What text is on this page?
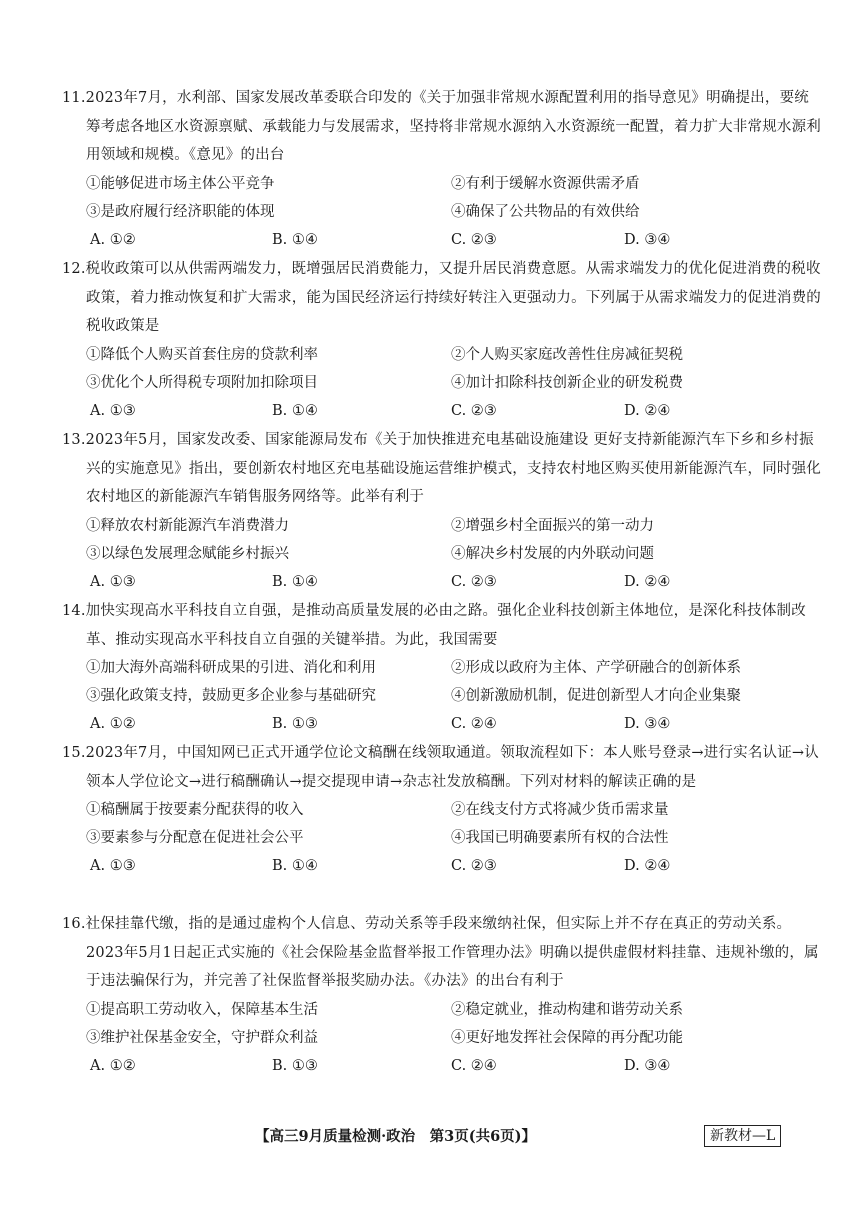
11.2023年7月，水利部、国家发展改革委联合印发的《关于加强非常规水源配置利用的指导意见》明确提出，要统筹考虑各地区水资源禀赋、承载能力与发展需求，坚持将非常规水源纳入水资源统一配置，着力扩大非常规水源利用领域和规模。《意见》的出台

①能够促进市场主体公平竞争	②有利于缓解水资源供需矛盾
③是政府履行经济职能的体现	④确保了公共物品的有效供给
A. ①②	B. ①④	C. ②③	D. ③④

12.税收政策可以从供需两端发力，既增强居民消费能力，又提升居民消费意愿。从需求端发力的优化促进消费的税收政策，着力推动恢复和扩大需求，能为国民经济运行持续好转注入更强动力。下列属于从需求端发力的促进消费的税收政策是

①降低个人购买首套住房的贷款利率	②个人购买家庭改善性住房减征契税
③优化个人所得税专项附加扣除项目	④加计扣除科技创新企业的研发税费
A. ①③	B. ①④	C. ②③	D. ②④

13.2023年5月，国家发改委、国家能源局发布《关于加快推进充电基础设施建设 更好支持新能源汽车下乡和乡村振兴的实施意见》指出，要创新农村地区充电基础设施运营维护模式，支持农村地区购买使用新能源汽车，同时强化农村地区的新能源汽车销售服务网络等。此举有利于

①释放农村新能源汽车消费潜力	②增强乡村全面振兴的第一动力
③以绿色发展理念赋能乡村振兴	④解决乡村发展的内外联动问题
A. ①③	B. ①④	C. ②③	D. ②④

14.加快实现高水平科技自立自强，是推动高质量发展的必由之路。强化企业科技创新主体地位，是深化科技体制改革、推动实现高水平科技自立自强的关键举措。为此，我国需要

①加大海外高端科研成果的引进、消化和利用	②形成以政府为主体、产学研融合的创新体系
③强化政策支持，鼓励更多企业参与基础研究	④创新激励机制，促进创新型人才向企业集聚
A. ①②	B. ①③	C. ②④	D. ③④

15.2023年7月，中国知网已正式开通学位论文稿酬在线领取通道。领取流程如下：本人账号登录→进行实名认证→认领本人学位论文→进行稿酬确认→提交提现申请→杂志社发放稿酬。下列对材料的解读正确的是

①稿酬属于按要素分配获得的收入	②在线支付方式将减少货币需求量
③要素参与分配意在促进社会公平	④我国已明确要素所有权的合法性
A. ①③	B. ①④	C. ②③	D. ②④

16.社保挂靠代缴，指的是通过虚构个人信息、劳动关系等手段来缴纳社保，但实际上并不存在真正的劳动关系。2023年5月1日起正式实施的《社会保险基金监督举报工作管理办法》明确以提供虚假材料挂靠、违规补缴的，属于违法骗保行为，并完善了社保监督举报奖励办法。《办法》的出台有利于

①提高职工劳动收入，保障基本生活	②稳定就业，推动构建和谐劳动关系
③维护社保基金安全，守护群众利益	④更好地发挥社会保障的再分配功能
A. ①②	B. ①③	C. ②④	D. ③④
【高三9月质量检测·政治　第3页(共6页)】	新教材—L
